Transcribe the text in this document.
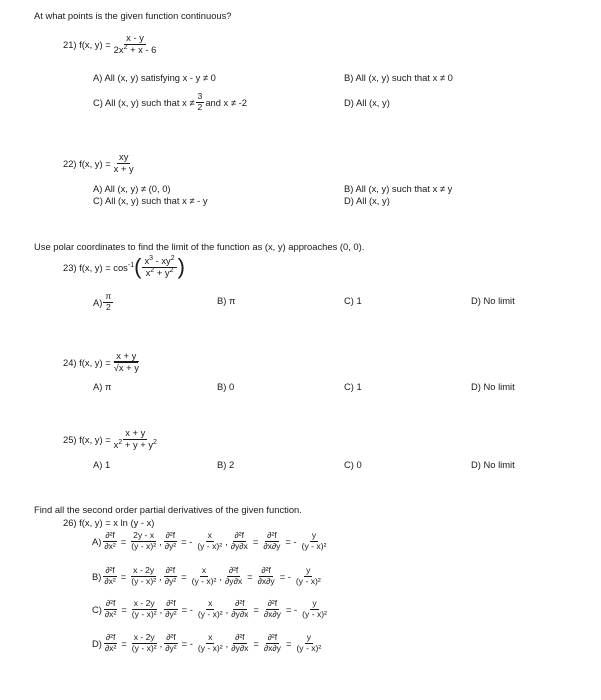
At what points is the given function continuous?
21) f(x, $y) = \frac{x - y}{2x^2 + x - 6}$
A) All (x, y) satisfying x - y ≠ 0	B) All (x, y) such that x ≠ 0
C) All (x, y) such that $x \ne \frac{3}{2}$ and x ≠ -2	D) All (x, y)
22) f(x, $y) = \frac{xy}{x + y}$
A) All (x, y) ≠ (0, 0)	B) All (x, y) such that x ≠ y
C) All (x, y) such that x ≠ - y	D) All (x, y)
Use polar coordinates to find the limit of the function as (x, y) approaches (0, 0).
23) f(x, $y) = \cos^{-1}$ ( $\frac{x^3 - xy^2}{x^2 + y^2}$ )
$A) \frac{\pi}{2}$	B) π	C) 1	D) No limit
24) f(x, $y) = \frac{x + y}{√x + y}$
A) π	B) 0	C) 1	D) No limit
25) f(x, $y) = \frac{x + y}{x^2 + y + y^2}$
A) 1	B) 2	C) 0	D) No limit
Find all the second order partial derivatives of the given function.
26) f(x, y) = x ln (y - x)
$A) \frac{\text{∂²f}}{\text{∂x²}} = \frac{2y - x}{\text{(y - x)²}}$ , $\frac{\text{∂²f}}{\text{∂y²}}$ = - $\frac{x}{\text{(y - x)²}}$ , $\frac{\text{∂²f}}{\partial y\partial x} = \frac{\text{∂²f}}{\partial x\partial y}$ = - $\frac{y}{\text{(y - x)²}}$
$B) \frac{\text{∂²f}}{\text{∂x²}} = \frac{x - 2y}{\text{(y - x)²}}$ , $\frac{\text{∂²f}}{\text{∂y²}} = \frac{x}{\text{(y - x)²}}$ , $\frac{\text{∂²f}}{\partial y\partial x} = \frac{\text{∂²f}}{\partial x\partial y}$ = - $\frac{y}{\text{(y - x)²}}$
$C) \frac{\text{∂²f}}{\text{∂x²}} = \frac{x - 2y}{\text{(y - x)²}}$ , $\frac{\text{∂²f}}{\text{∂y²}}$ = - $\frac{x}{\text{(y - x)²}}$ , $\frac{\text{∂²f}}{\partial y\partial x} = \frac{\text{∂²f}}{\partial x\partial y}$ = - $\frac{y}{\text{(y - x)²}}$
$D) \frac{\text{∂²f}}{\text{∂x²}} = \frac{x - 2y}{\text{(y - x)²}}$ , $\frac{\text{∂²f}}{\text{∂y²}}$ = - $\frac{x}{\text{(y - x)²}}$ , $\frac{\text{∂²f}}{\partial y\partial x} = \frac{\text{∂²f}}{\partial x\partial y} = \frac{y}{\text{(y - x)²}}$
